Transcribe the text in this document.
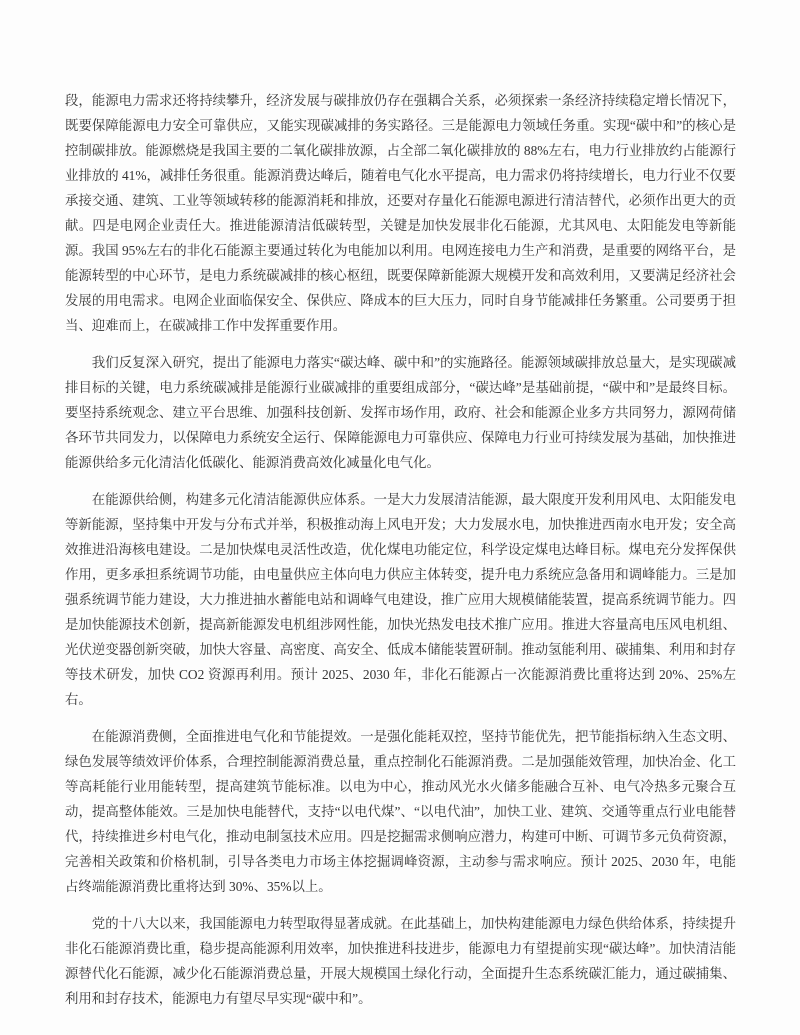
段，能源电力需求还将持续攀升，经济发展与碳排放仍存在强耦合关系，必须探索一条经济持续稳定增长情况下，既要保障能源电力安全可靠供应，又能实现碳减排的务实路径。三是能源电力领域任务重。实现“碳中和”的核心是控制碳排放。能源燃烧是我国主要的二氧化碳排放源，占全部二氧化碳排放的 88%左右，电力行业排放约占能源行业排放的 41%，减排任务很重。能源消费达峰后，随着电气化水平提高，电力需求仍将持续增长，电力行业不仅要承接交通、建筑、工业等领域转移的能源消耗和排放，还要对存量化石能源电源进行清洁替代，必须作出更大的贡献。四是电网企业责任大。推进能源清洁低碳转型，关键是加快发展非化石能源，尤其风电、太阳能发电等新能源。我国 95%左右的非化石能源主要通过转化为电能加以利用。电网连接电力生产和消费，是重要的网络平台，是能源转型的中心环节，是电力系统碳减排的核心枢纽，既要保障新能源大规模开发和高效利用，又要满足经济社会发展的用电需求。电网企业面临保安全、保供应、降成本的巨大压力，同时自身节能减排任务繁重。公司要勇于担当、迎难而上，在碳减排工作中发挥重要作用。

我们反复深入研究，提出了能源电力落实“碳达峰、碳中和”的实施路径。能源领域碳排放总量大，是实现碳减排目标的关键，电力系统碳减排是能源行业碳减排的重要组成部分，“碳达峰”是基础前提，“碳中和”是最终目标。要坚持系统观念、建立平台思维、加强科技创新、发挥市场作用，政府、社会和能源企业多方共同努力，源网荷储各环节共同发力，以保障电力系统安全运行、保障能源电力可靠供应、保障电力行业可持续发展为基础，加快推进能源供给多元化清洁化低碳化、能源消费高效化减量化电气化。

在能源供给侧，构建多元化清洁能源供应体系。一是大力发展清洁能源，最大限度开发利用风电、太阳能发电等新能源，坚持集中开发与分布式并举，积极推动海上风电开发；大力发展水电，加快推进西南水电开发；安全高效推进沿海核电建设。二是加快煤电灵活性改造，优化煤电功能定位，科学设定煤电达峰目标。煤电充分发挥保供作用，更多承担系统调节功能，由电量供应主体向电力供应主体转变，提升电力系统应急备用和调峰能力。三是加强系统调节能力建设，大力推进抽水蓄能电站和调峰气电建设，推广应用大规模储能装置，提高系统调节能力。四是加快能源技术创新，提高新能源发电机组涉网性能，加快光热发电技术推广应用。推进大容量高电压风电机组、光伏逆变器创新突破，加快大容量、高密度、高安全、低成本储能装置研制。推动氢能利用、碳捕集、利用和封存等技术研发，加快 CO2 资源再利用。预计 2025、2030 年，非化石能源占一次能源消费比重将达到 20%、25%左右。

在能源消费侧，全面推进电气化和节能提效。一是强化能耗双控，坚持节能优先，把节能指标纳入生态文明、绿色发展等绩效评价体系，合理控制能源消费总量，重点控制化石能源消费。二是加强能效管理，加快冶金、化工等高耗能行业用能转型，提高建筑节能标准。以电为中心，推动风光水火储多能融合互补、电气冷热多元聚合互动，提高整体能效。三是加快电能替代，支持“以电代煤”、“以电代油”，加快工业、建筑、交通等重点行业电能替代，持续推进乡村电气化，推动电制氢技术应用。四是挖掘需求侧响应潜力，构建可中断、可调节多元负荷资源，完善相关政策和价格机制，引导各类电力市场主体挖掘调峰资源，主动参与需求响应。预计 2025、2030 年，电能占终端能源消费比重将达到 30%、35%以上。

党的十八大以来，我国能源电力转型取得显著成就。在此基础上，加快构建能源电力绿色供给体系，持续提升非化石能源消费比重，稳步提高能源利用效率，加快推进科技进步，能源电力有望提前实现“碳达峰”。加快清洁能源替代化石能源，减少化石能源消费总量，开展大规模国土绿化行动，全面提升生态系统碳汇能力，通过碳捕集、利用和封存技术，能源电力有望尽早实现“碳中和”。
